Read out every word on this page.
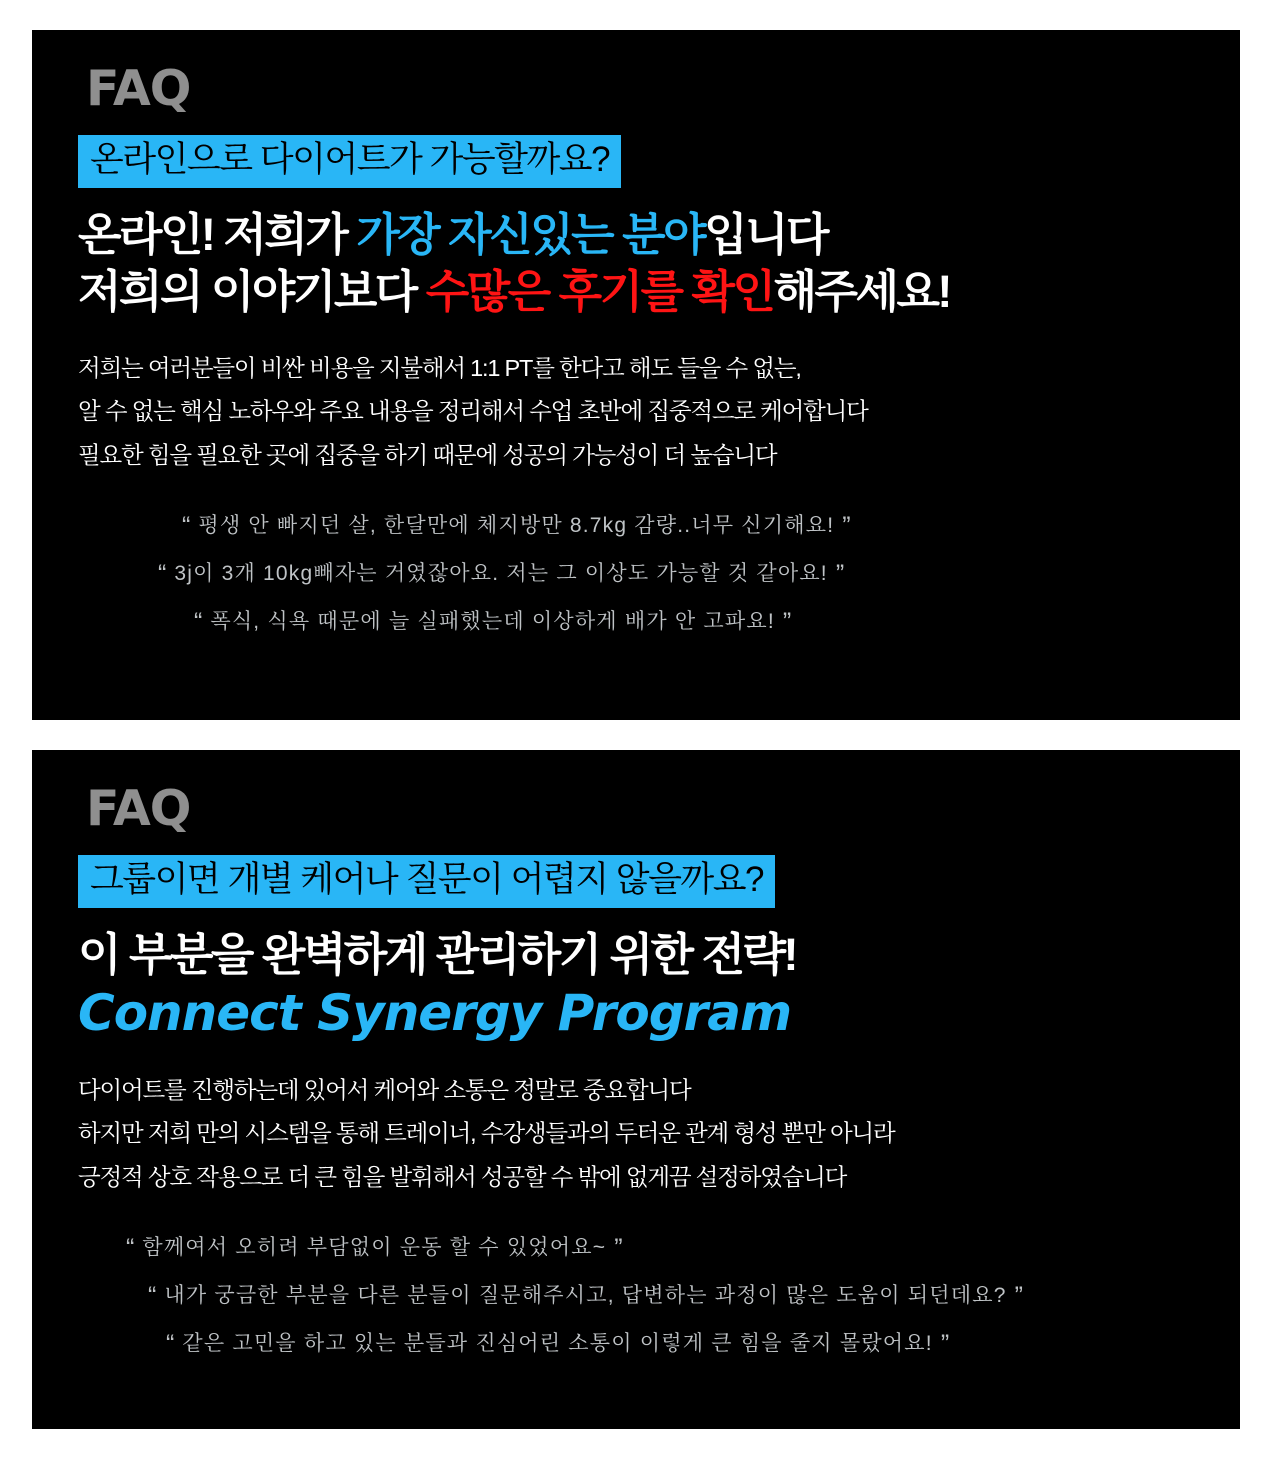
FAQ
온라인으로 다이어트가 가능할까요?
온라인! 저희가 가장 자신있는 분야입니다
저희의 이야기보다 수많은 후기를 확인해주세요!
저희는 여러분들이 비싼 비용을 지불해서 1:1 PT를 한다고 해도 들을 수 없는,
알 수 없는 핵심 노하우와 주요 내용을 정리해서 수업 초반에 집중적으로 케어합니다
필요한 힘을 필요한 곳에 집중을 하기 때문에 성공의 가능성이 더 높습니다
“ 평생 안 빠지던 살, 한달만에 체지방만 8.7kg 감량..너무 신기해요! ”
“ 3j이 3개 10kg빼자는 거였잖아요. 저는 그 이상도 가능할 것 같아요! ”
“ 폭식, 식욕 때문에 늘 실패했는데 이상하게 배가 안 고파요! ”
FAQ
그룹이면 개별 케어나 질문이 어렵지 않을까요?
이 부분을 완벽하게 관리하기 위한 전략!
Connect Synergy Program
다이어트를 진행하는데 있어서 케어와 소통은 정말로 중요합니다
하지만 저희 만의 시스템을 통해 트레이너, 수강생들과의 두터운 관계 형성 뿐만 아니라
긍정적 상호 작용으로 더 큰 힘을 발휘해서 성공할 수 밖에 없게끔 설정하였습니다
“ 함께여서 오히려 부담없이 운동 할 수 있었어요~ ”
“ 내가 궁금한 부분을 다른 분들이 질문해주시고, 답변하는 과정이 많은 도움이 되던데요? ”
“ 같은 고민을 하고 있는 분들과 진심어린 소통이 이렇게 큰 힘을 줄지 몰랐어요! ”
